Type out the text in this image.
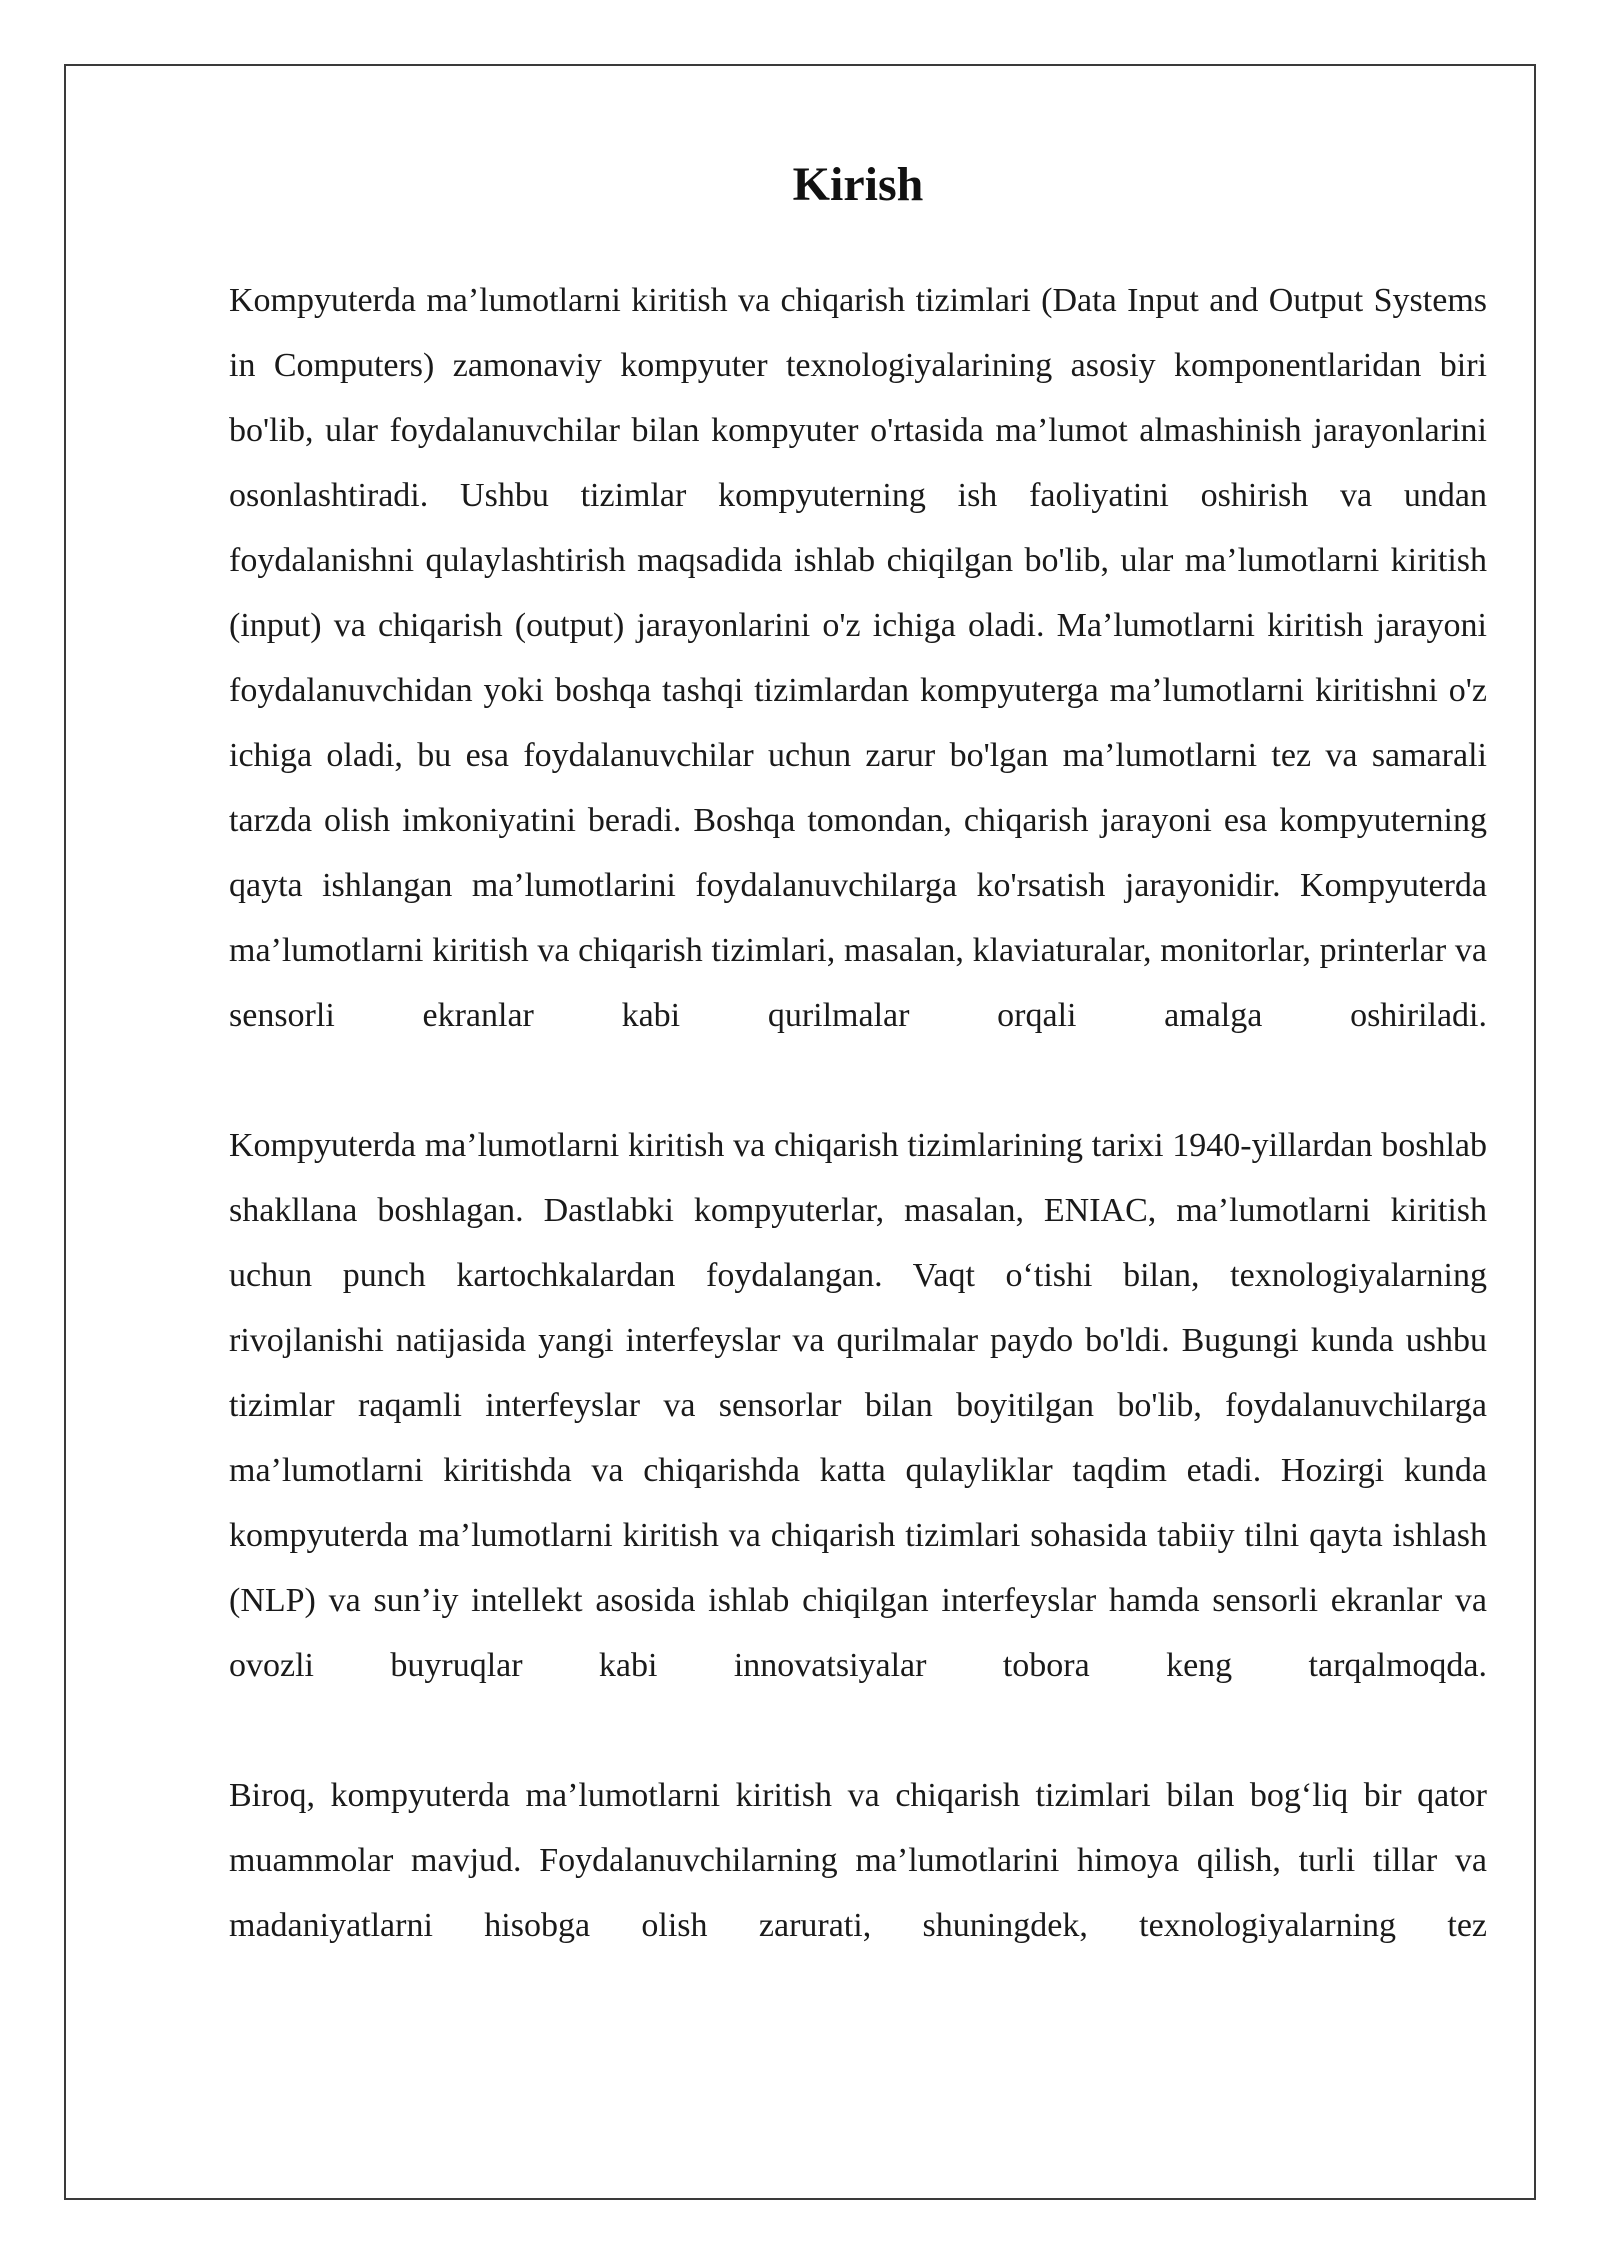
Kirish

Kompyuterda ma’lumotlarni kiritish va chiqarish tizimlari (Data Input and Output Systems in Computers) zamonaviy kompyuter texnologiyalarining asosiy komponentlaridan biri bo'lib, ular foydalanuvchilar bilan kompyuter o'rtasida ma’lumot almashinish jarayonlarini osonlashtiradi. Ushbu tizimlar kompyuterning ish faoliyatini oshirish va undan foydalanishni qulaylashtirish maqsadida ishlab chiqilgan bo'lib, ular ma’lumotlarni kiritish (input) va chiqarish (output) jarayonlarini o'z ichiga oladi. Ma’lumotlarni kiritish jarayoni foydalanuvchidan yoki boshqa tashqi tizimlardan kompyuterga ma’lumotlarni kiritishni o'z ichiga oladi, bu esa foydalanuvchilar uchun zarur bo'lgan ma’lumotlarni tez va samarali tarzda olish imkoniyatini beradi. Boshqa tomondan, chiqarish jarayoni esa kompyuterning qayta ishlangan ma’lumotlarini foydalanuvchilarga ko'rsatish jarayonidir. Kompyuterda ma’lumotlarni kiritish va chiqarish tizimlari, masalan, klaviaturalar, monitorlar, printerlar va sensorli ekranlar kabi qurilmalar orqali amalga oshiriladi.

Kompyuterda ma’lumotlarni kiritish va chiqarish tizimlarining tarixi 1940-yillardan boshlab shakllana boshlagan. Dastlabki kompyuterlar, masalan, ENIAC, ma’lumotlarni kiritish uchun punch kartochkalardan foydalangan. Vaqt o‘tishi bilan, texnologiyalarning rivojlanishi natijasida yangi interfeyslar va qurilmalar paydo bo'ldi. Bugungi kunda ushbu tizimlar raqamli interfeyslar va sensorlar bilan boyitilgan bo'lib, foydalanuvchilarga ma’lumotlarni kiritishda va chiqarishda katta qulayliklar taqdim etadi. Hozirgi kunda kompyuterda ma’lumotlarni kiritish va chiqarish tizimlari sohasida tabiiy tilni qayta ishlash (NLP) va sun’iy intellekt asosida ishlab chiqilgan interfeyslar hamda sensorli ekranlar va ovozli buyruqlar kabi innovatsiyalar tobora keng tarqalmoqda.

Biroq, kompyuterda ma’lumotlarni kiritish va chiqarish tizimlari bilan bog‘liq bir qator muammolar mavjud. Foydalanuvchilarning ma’lumotlarini himoya qilish, turli tillar va madaniyatlarni hisobga olish zarurati, shuningdek, texnologiyalarning tez
